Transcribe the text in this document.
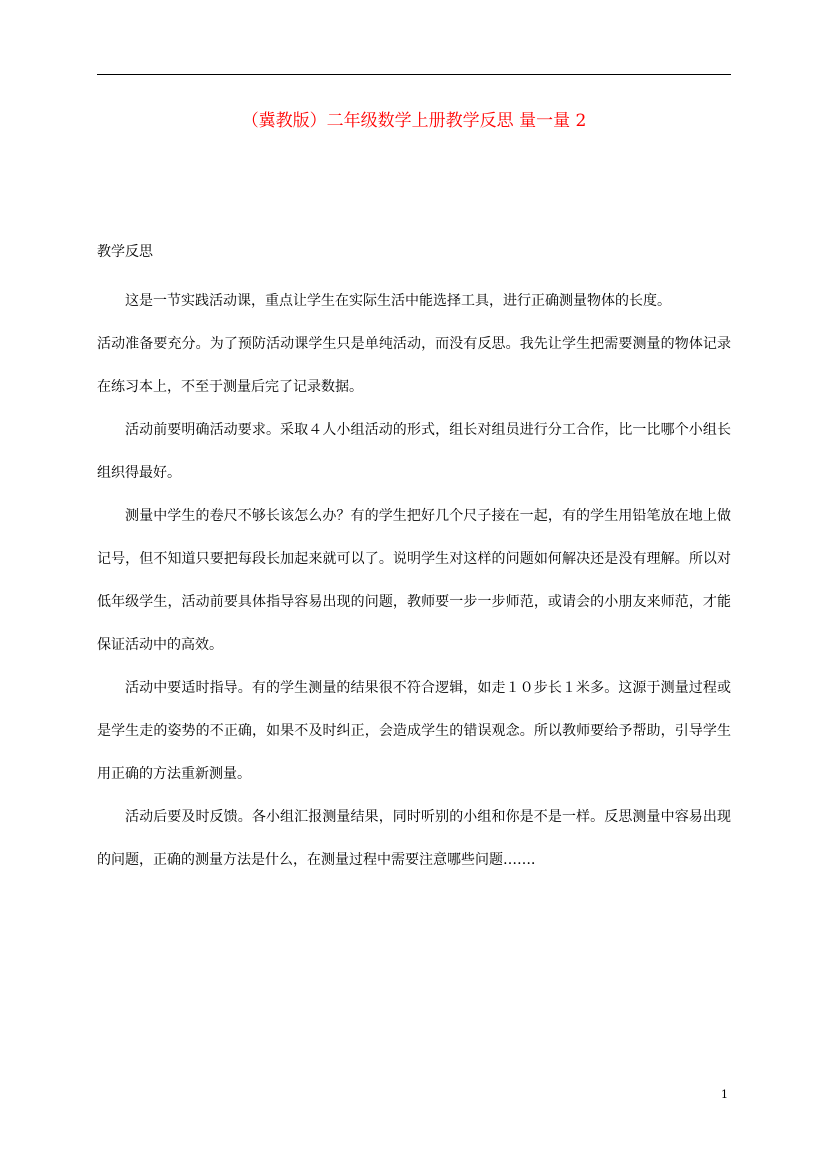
（冀教版）二年级数学上册教学反思 量一量 2
教学反思

这是一节实践活动课，重点让学生在实际生活中能选择工具，进行正确测量物体的长度。

活动准备要充分。为了预防活动课学生只是单纯活动，而没有反思。我先让学生把需要测量的物体记录在练习本上，不至于测量后完了记录数据。

活动前要明确活动要求。采取４人小组活动的形式，组长对组员进行分工合作，比一比哪个小组长组织得最好。

测量中学生的卷尺不够长该怎么办？有的学生把好几个尺子接在一起，有的学生用铅笔放在地上做记号，但不知道只要把每段长加起来就可以了。说明学生对这样的问题如何解决还是没有理解。所以对低年级学生，活动前要具体指导容易出现的问题，教师要一步一步师范，或请会的小朋友来师范，才能保证活动中的高效。

活动中要适时指导。有的学生测量的结果很不符合逻辑，如走１０步长１米多。这源于测量过程或是学生走的姿势的不正确，如果不及时纠正，会造成学生的错误观念。所以教师要给予帮助，引导学生用正确的方法重新测量。

活动后要及时反馈。各小组汇报测量结果，同时听别的小组和你是不是一样。反思测量中容易出现的问题，正确的测量方法是什么，在测量过程中需要注意哪些问题……．

1
